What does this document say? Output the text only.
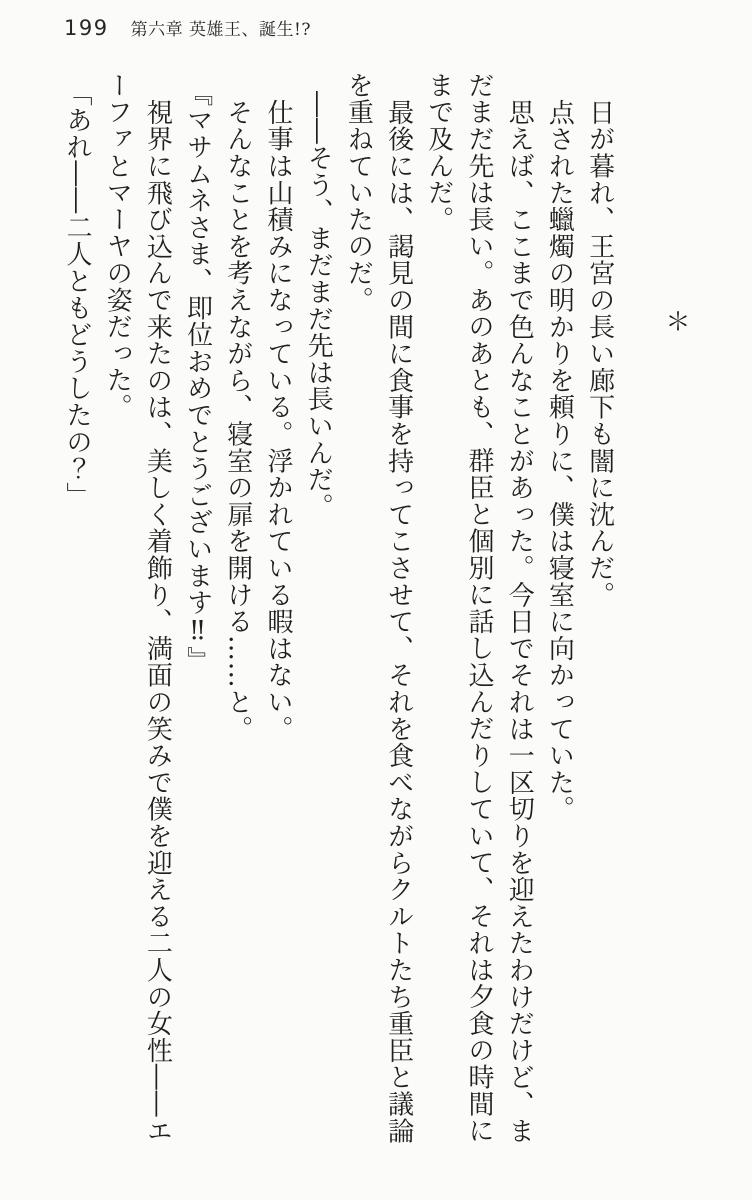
199 第六章 英雄王、誕生!?
＊
日が暮れ、王宮の長い廊下も闇に沈んだ。
点された蠟燭の明かりを頼りに、僕は寝室に向かっていた。
思えば、ここまで色んなことがあった。今日でそれは一区切りを迎えたわけだけど、ま
だまだ先は長い。あのあとも、群臣と個別に話し込んだりしていて、それは夕食の時間に
まで及んだ。
最後には、謁見の間に食事を持ってこさせて、それを食べながらクルトたち重臣と議論
を重ねていたのだ。
――そう、まだまだ先は長いんだ。
仕事は山積みになっている。浮かれている暇はない。
そんなことを考えながら、寝室の扉を開ける……と。
『マサムネさま、即位おめでとうございます‼』
視界に飛び込んで来たのは、美しく着飾り、満面の笑みで僕を迎える二人の女性――エ
ーファとマーヤの姿だった。
「あれ――二人ともどうしたの？」
